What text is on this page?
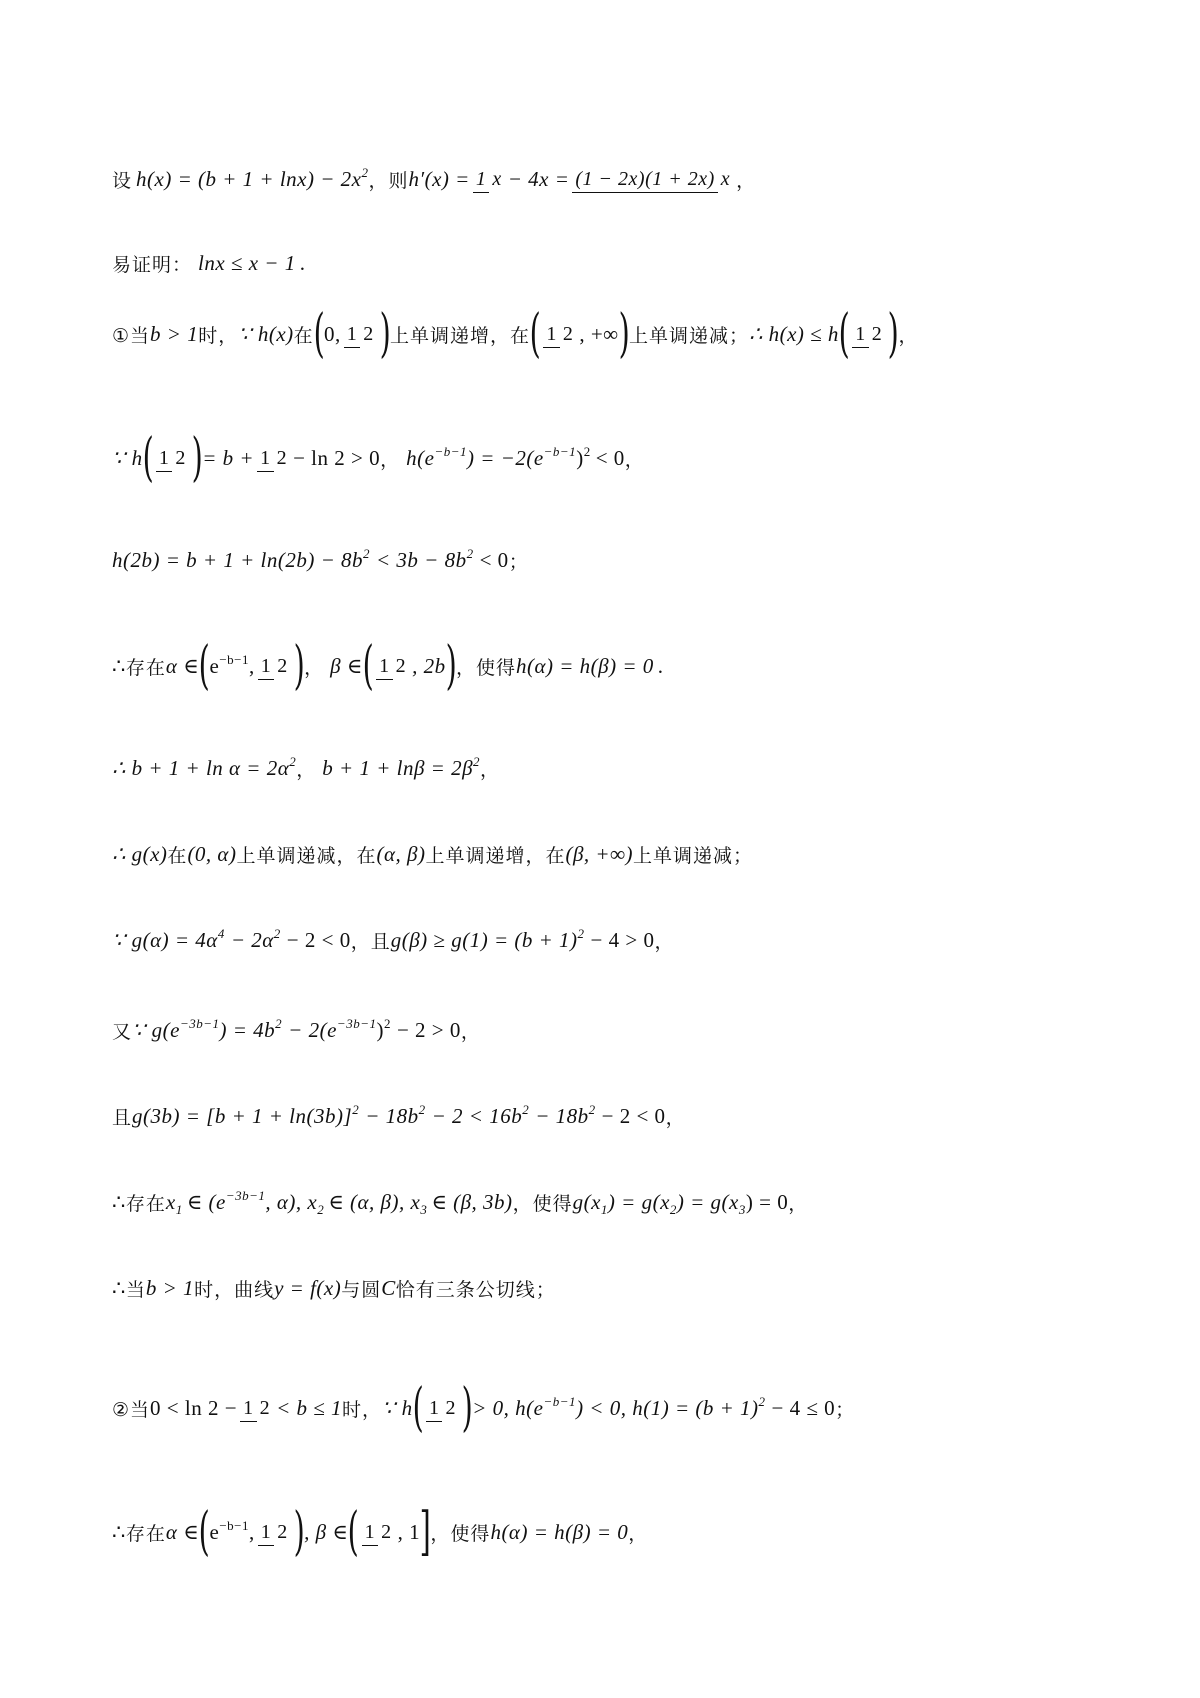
设 h $(x) = (b + 1 + \ln x) - 2x^2$ ，则 h′(x) = 1 x − 4x = (1 − 2x)(1 + 2x) x ，
易证明： lnx ≤ x − 1 .
①当 b > 1 时， ∵ h(x) 在 ( 0, 1 2 ) 上单调递增，在 ( 1 2 , +∞ ) 上单调递减； ∴ h(x) ≤ h ( 1 2 ) ，
∵ h ( 1 2 ) = b + 1 2 − ln 2 > 0 ， $h(e^{-b-1}$ ) = $-2(e^{-b-1}$ )$^2$ < 0 ，
$h(2b) = b + 1 + \ln(2b) - 8b^2 < 3b - 8b^2 < 0$ ；
∴ 存在 α ∈ ( $e^{-b-1}$ , 1 2 ) ， β ∈ ( 1 2 , 2b ) ，使得 h(α) = h(β) = 0 .
∴ $b + 1 + \ln \alpha = 2\alpha^2$ ， $b + 1 + \ln\beta = 2\beta^2$ ，
∴ g(x) 在 (0, α) 上单调递减，在 (α, β) 上单调递增，在 (β, +∞) 上单调递减；
∵ $g(\alpha) = 4\alpha^4 - 2\alpha^2 - 2 < 0$ ，且 $g(\beta) \ge g(1) = (b + 1)^2 - 4 > 0$ ，
又 ∵ $g(e^{-3b-1}$ ) = $4b^2 - 2(e^{-3b-1}$ )$^2$ − 2 > 0 ，
且 $g(3b) = [b + 1 + \ln(3b)]^2 - 18b^2 - 2 < 16b^2 - 18b^2 - 2 < 0$ ，
∴ 存在 $x_1$ ∈ ($e^{-3b-1}$ , α), $x_2$ ∈ (α, β), $x_3$ ∈ (β, 3b) ，使得 $g(x_1$ ) = $g(x_2$ ) = $g(x_3$ ) = 0 ，
∴ 当 b > 1 时，曲线 y = f(x) 与圆 C 恰有三条公切线；
②当 0 < ln 2 − 1 2 < b ≤ 1 时， ∵ h ( 1 2 ) > 0, $h(e^{-b-1}$ ) < 0, $h(1) = (b + 1)^2 - 4 \le 0$ ；
∴ 存在 α ∈ ( $e^{-b-1}$ , 1 2 ) , β ∈ ( 1 2 , 1 ] ，使得 h(α) = h(β) = 0 ，
